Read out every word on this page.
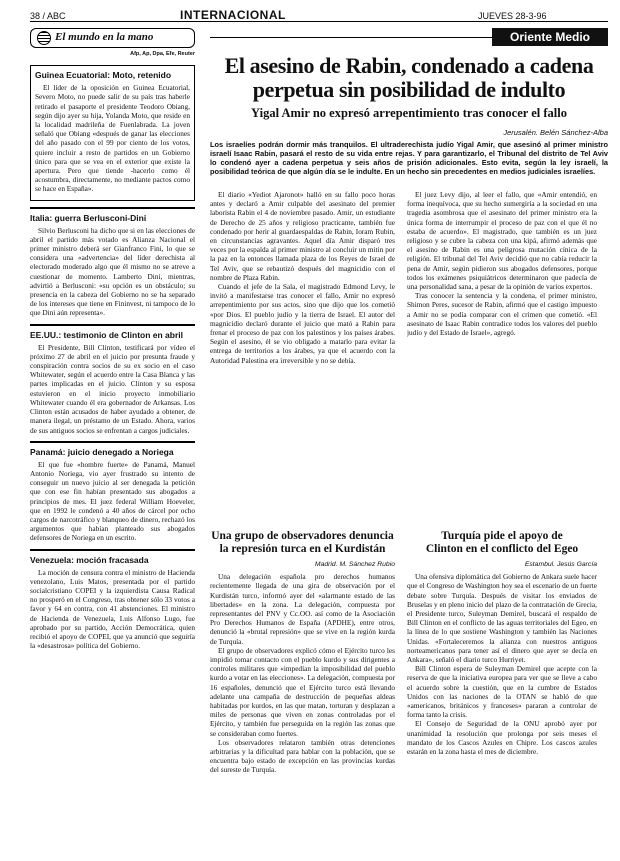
38 / ABC	INTERNACIONAL	JUEVES 28-3-96
El mundo en la mano
Afp, Ap, Dpa, Efe, Reuter
Guinea Ecuatorial: Moto, retenido

El líder de la oposición en Guinea Ecuatorial, Severo Moto, no puede salir de su país tras haberle retirado el pasaporte el presidente Teodoro Obiang, según dijo ayer su hija, Yolanda Moto, que reside en la localidad madrileña de Fuenlabrada. La joven señaló que Obiang «después de ganar las elecciones del año pasado con el 99 por ciento de los votos, quiere incluir a resto de partidos en un Gobierno único para que se vea en el exterior que existe la apertura. Pero que tiende -hacerlo como él acostumbra, directamente, no mediante pactos como se hace en España».

Italia: guerra Berlusconi-Dini

Silvio Berlusconi ha dicho que si en las elecciones de abril el partido más votado es Alianza Nacional el primer ministro deberá ser Gianfranco Fini, lo que se considera una «advertencia» del líder derechista al electorado moderado algo que él mismo no se atreve a cuestionar de momento. Lamberto Dini, mientras, advirtió a Berlusconi: «su opción es un obstáculo; su presencia en la cabeza del Gobierno no se ha separado de los intereses que tiene en Fininvest, ni tampoco de lo que Dini aún representa».

EE.UU.: testimonio de Clinton en abril

El Presidente, Bill Clinton, testificará por vídeo el próximo 27 de abril en el juicio por presunta fraude y conspiración contra socios de su ex socio en el caso Whitewater, según el acuerdo entre la Casa Blanca y las partes implicadas en el juicio. Clinton y su esposa estuvieron en el inicio proyecto inmobiliario Whitewater cuando él era gobernador de Arkansas. Los Clinton están acusados de haber ayudado a obtener, de manera ilegal, un préstamo de un Estado. Ahora, varios de sus antiguos socios se enfrentan a cargos judiciales.

Panamá: juicio denegado a Noriega

El que fue «hombre fuerte» de Panamá, Manuel Antonio Noriega, vio ayer frustrado su intento de conseguir un nuevo juicio al ser denegada la petición que con ese fin habían presentado sus abogados a principios de mes. El juez federal William Hoeveler, que en 1992 le condenó a 40 años de cárcel por ocho cargos de narcotráfico y blanqueo de dinero, rechazó los argumentos que habían planteado sus abogados defensores de Noriega en un escrito.

Venezuela: moción fracasada

La moción de censura contra el ministro de Hacienda venezolano, Luis Matos, presentada por el partido socialcristiano COPEI y la izquierdista Causa Radical no prosperó en el Congreso, tras obtener sólo 33 votos a favor y 64 en contra, con 41 abstenciones. El ministro de Hacienda de Venezuela, Luis Alfonso Lugo, fue aprobado por su partido, Acción Democrática, quien recibió el apoyo de COPEI, que ya anunció que seguiría la «desastrosa» política del Gobierno.

Oriente Medio
El asesino de Rabin, condenado a cadena
perpetua sin posibilidad de indulto
Yigal Amir no expresó arrepentimiento tras conocer el fallo
Jerusalén. Belén Sánchez-Alba
Los israelíes podrán dormir más tranquilos. El ultraderechista judío Yigal Amir, que asesinó al primer ministro israelí Isaac Rabin, pasará el resto de su vida entre rejas. Y para garantizarlo, el Tribunal del distrito de Tel Aviv lo condenó ayer a cadena perpetua y seis años de prisión adicionales. Esto evita, según la ley israelí, la posibilidad teórica de que algún día se le indulte. En un hecho sin precedentes en medios judiciales israelíes.

El diario «Yediot Ajaronot» halló en su fallo poco horas antes y declaró a Amir culpable del asesinato del premier laborista Rabin el 4 de noviembre pasado. Amir, un estudiante de Derecho de 25 años y religioso practicante, también fue condenado por herir al guardaespaldas de Rabin, Ioram Rubin, en circunstancias agravantes. Aquel día Amir disparó tres veces por la espalda al primer ministro al concluir un mitin por la paz en la entonces llamada plaza de los Reyes de Israel de Tel Aviv, que se rebautizó después del magnicidio con el nombre de Plaza Rabin.

Cuando el jefe de la Sala, el magistrado Edmond Levy, le invitó a manifestarse tras conocer el fallo, Amir no expresó arrepentimiento por sus actos, sino que dijo que los cometió «por Dios. El pueblo judío y la tierra de Israel. El autor del magnicidio declaró durante el juicio que mató a Rabin para frenar el proceso de paz con los palestinos y los países árabes. Según el asesino, él se vio obligado a matarlo para evitar la entrega de territorios a los árabes, ya que el acuerdo con la Autoridad Palestina era irreversible y no se debía.

El juez Levy dijo, al leer el fallo, que «Amir entendió, en forma inequívoca, que su hecho sumergiría a la sociedad en una tragedia asombrosa que el asesinato del primer ministro era la única forma de interrumpir el proceso de paz con el que él no estaba de acuerdo». El magistrado, que también es un juez religioso y se cubre la cabeza con una kipá, afirmó además que el asesino de Rabin es una peligrosa mutación cínica de la religión. El tribunal del Tel Aviv decidió que no cabía reducir la pena de Amir, según pidieron sus abogados defensores, porque todos los exámenes psiquiátricos determinaron que padecía de una personalidad sana, a pesar de la opinión de varios expertos.

Tras conocer la sentencia y la condena, el primer ministro, Shimon Peres, sucesor de Rabin, afirmó que el castigo impuesto a Amir no se podía comparar con el crimen que cometió. «El asesinato de Isaac Rabin contradice todos los valores del pueblo judío y del Estado de Israel», agregó.

Una grupo de observadores denuncia
la represión turca en el Kurdistán
Madrid. M. Sánchez Rubio

Una delegación española pro derechos humanos recientemente llegada de una gira de observación por el Kurdistán turco, informó ayer del «alarmante estado de las libertades» en la zona. La delegación, compuesta por representantes del PNV y Cc.OO. así como de la Asociación Pro Derechos Humanos de España (APDHE), entre otros, denunció la «brutal represión» que se vive en la región kurda de Turquía.

El grupo de observadores explicó cómo el Ejército turco les impidió tomar contacto con el pueblo kurdo y sus dirigentes a controles militares que «impedían la imposibilidad del pueblo kurdo a votar en las elecciones». La delegación, compuesta por 16 españoles, denunció que el Ejército turco está llevando adelante una campaña de destrucción de pequeñas aldeas habitadas por kurdos, en las que matan, torturan y desplazan a miles de personas que viven en zonas controladas por el Ejército, y también fue perseguida en la región las zonas que se consideraban como fuertes.

Los observadores relataron también otras detenciones arbitrarias y la dificultad para hablar con la población, que se encuentra bajo estado de excepción en las provincias kurdas del sureste de Turquía.

Turquía pide el apoyo de
Clinton en el conflicto del Egeo
Estambul. Jesús García

Una ofensiva diplomática del Gobierno de Ankara suele hacer que el Congreso de Washington hoy sea el escenario de un fuerte debate sobre Turquía. Después de visitar los enviados de Bruselas y en pleno inicio del plazo de la contratación de Grecia, el Presidente turco, Suleyman Demirel, buscará el respaldo de Bill Clinton en el conflicto de las aguas territoriales del Egeo, en la línea de lo que sostiene Washington y también las Naciones Unidas. «Fortaleceremos la alianza con nuestros antiguos norteamericanos para tener así el dinero que ayer se decía en Ankara», señaló el diario turco Hurriyet.

Bill Clinton espera de Suleyman Demirel que acepte con la reserva de que la iniciativa europea para ver que se lleve a cabo el acuerdo sobre la cuestión, que en la cumbre de Estados Unidos con las naciones de la OTAN se habló de que «americanos, británicos y franceses» pararan a controlar de forma tanto la crisis.

El Consejo de Seguridad de la ONU aprobó ayer por unanimidad la resolución que prolonga por seis meses el mandato de los Cascos Azules en Chipre. Los cascos azules estarán en la zona hasta el mes de diciembre.
